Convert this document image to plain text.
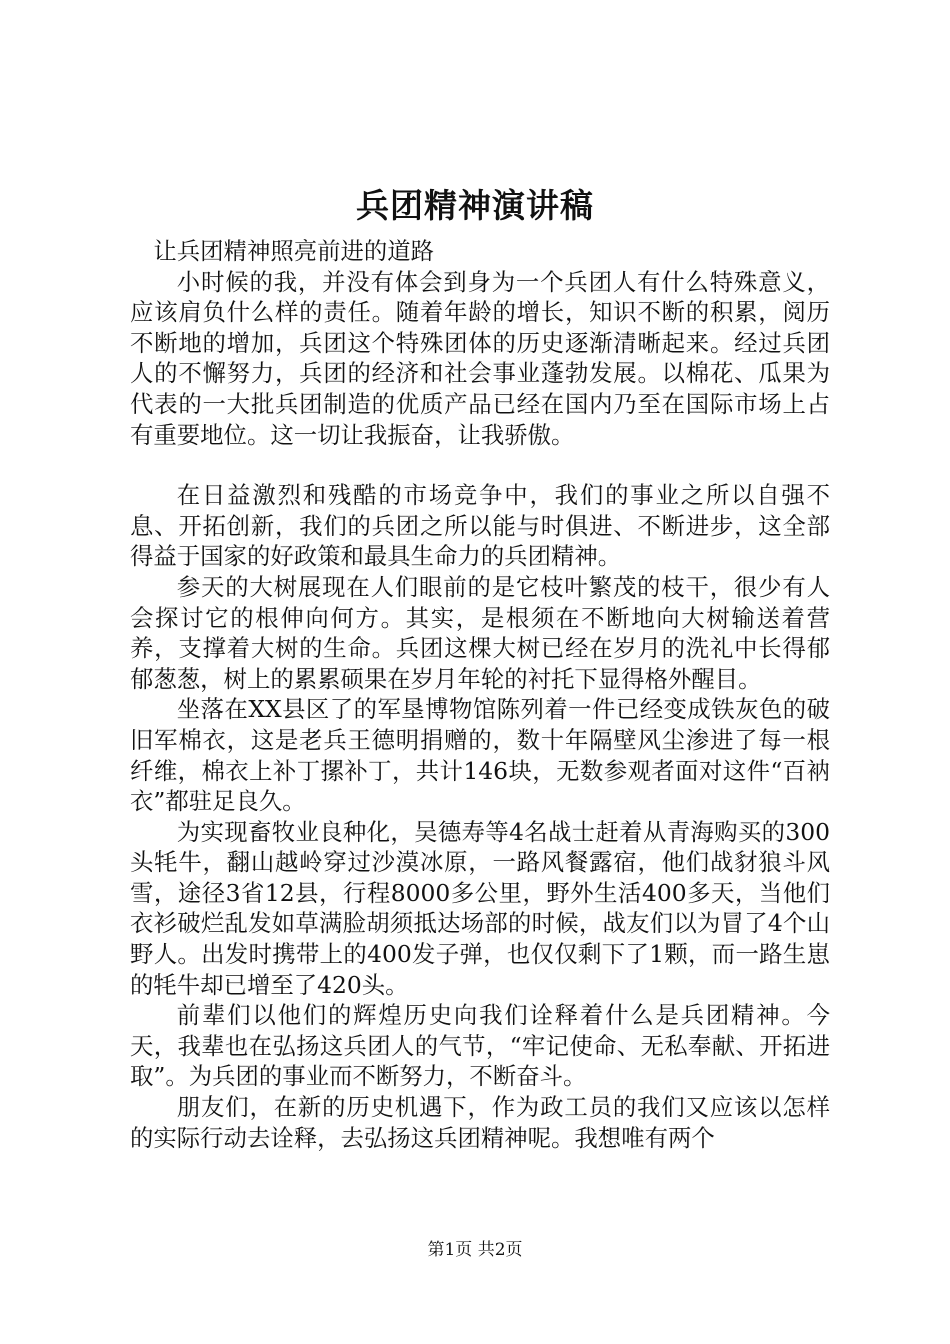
兵团精神演讲稿

让兵团精神照亮前进的道路

小时候的我，并没有体会到身为一个兵团人有什么特殊意义，应该肩负什么样的责任。随着年龄的增长，知识不断的积累，阅历不断地的增加，兵团这个特殊团体的历史逐渐清晰起来。经过兵团人的不懈努力，兵团的经济和社会事业蓬勃发展。以棉花、瓜果为代表的一大批兵团制造的优质产品已经在国内乃至在国际市场上占有重要地位。这一切让我振奋，让我骄傲。

在日益激烈和残酷的市场竞争中，我们的事业之所以自强不息、开拓创新，我们的兵团之所以能与时俱进、不断进步，这全部得益于国家的好政策和最具生命力的兵团精神。

参天的大树展现在人们眼前的是它枝叶繁茂的枝干，很少有人会探讨它的根伸向何方。其实，是根须在不断地向大树输送着营养，支撑着大树的生命。兵团这棵大树已经在岁月的洗礼中长得郁郁葱葱，树上的累累硕果在岁月年轮的衬托下显得格外醒目。

坐落在XX县区了的军垦博物馆陈列着一件已经变成铁灰色的破旧军棉衣，这是老兵王德明捐赠的，数十年隔壁风尘渗进了每一根纤维，棉衣上补丁摞补丁，共计146块，无数参观者面对这件“百衲衣”都驻足良久。

为实现畜牧业良种化，吴德寿等4名战士赶着从青海购买的300头牦牛，翻山越岭穿过沙漠冰原，一路风餐露宿，他们战豺狼斗风雪，途径3省12县，行程8000多公里，野外生活400多天，当他们衣衫破烂乱发如草满脸胡须抵达场部的时候，战友们以为冒了4个山野人。出发时携带上的400发子弹，也仅仅剩下了1颗，而一路生崽的牦牛却已增至了420头。

前辈们以他们的辉煌历史向我们诠释着什么是兵团精神。今天，我辈也在弘扬这兵团人的气节，“牢记使命、无私奉献、开拓进取”。为兵团的事业而不断努力，不断奋斗。

朋友们，在新的历史机遇下，作为政工员的我们又应该以怎样的实际行动去诠释，去弘扬这兵团精神呢。我想唯有两个

第1页 共2页
